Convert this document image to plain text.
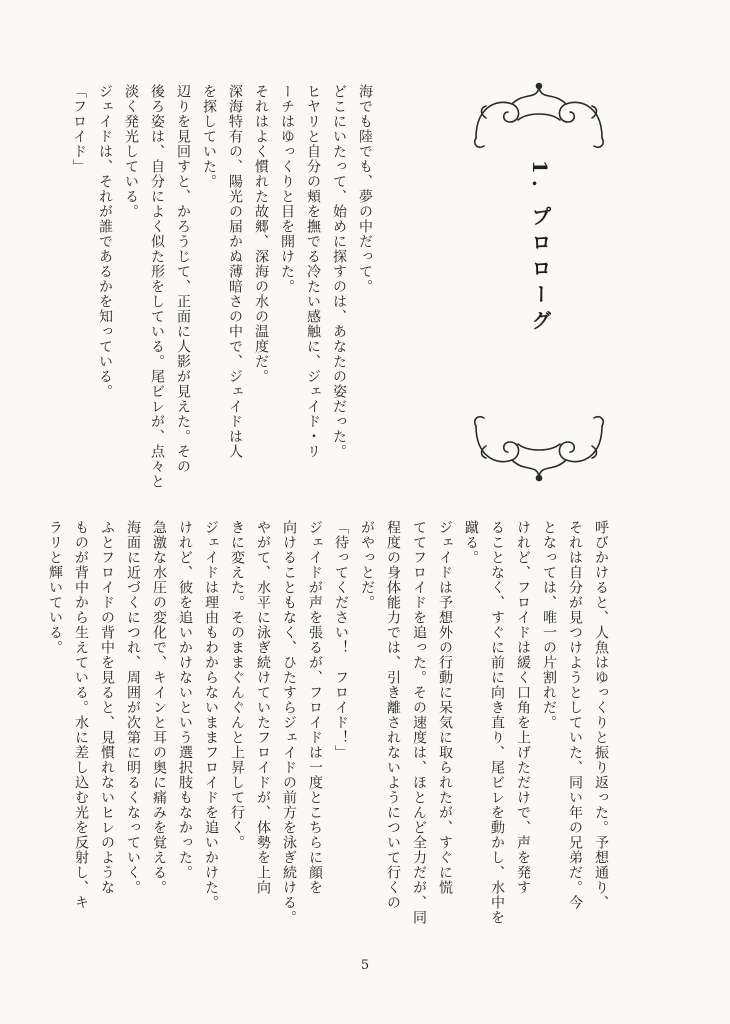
1. プロローグ

海でも陸でも、夢の中だって。

どこにいたって、始めに探すのは、あなたの姿だった。

ヒヤリと自分の頬を撫でる冷たい感触に、ジェイド・リ

ーチはゆっくりと目を開けた。

それはよく慣れた故郷、深海の水の温度だ。

深海特有の、陽光の届かぬ薄暗さの中で、ジェイドは人

を探していた。

辺りを見回すと、かろうじて、正面に人影が見えた。その

後ろ姿は、自分によく似た形をしている。尾ビレが、点々と

淡く発光している。

ジェイドは、それが誰であるかを知っている。

「フロイド」

呼びかけると、人魚はゆっくりと振り返った。予想通り、

それは自分が見つけようとしていた、同い年の兄弟だ。今

となっては、唯一の片割れだ。

けれど、フロイドは緩く口角を上げただけで、声を発す

ることなく、すぐに前に向き直り、尾ビレを動かし、水中を

蹴る。

ジェイドは予想外の行動に呆気に取られたが、すぐに慌

ててフロイドを追った。その速度は、ほとんど全力だが、同

程度の身体能力では、引き離されないようについて行くの

がやっとだ。

「待ってください！　フロイド！」

ジェイドが声を張るが、フロイドは一度とこちらに顔を

向けることもなく、ひたすらジェイドの前方を泳ぎ続ける。

やがて、水平に泳ぎ続けていたフロイドが、体勢を上向

きに変えた。そのままぐんぐんと上昇して行く。

ジェイドは理由もわからないままフロイドを追いかけた。

けれど、彼を追いかけないという選択肢もなかった。

急激な水圧の変化で、キインと耳の奥に痛みを覚える。

海面に近づくにつれ、周囲が次第に明るくなっていく。

ふとフロイドの背中を見ると、見慣れないヒレのような

ものが背中から生えている。水に差し込む光を反射し、キ

ラリと輝いている。

5
